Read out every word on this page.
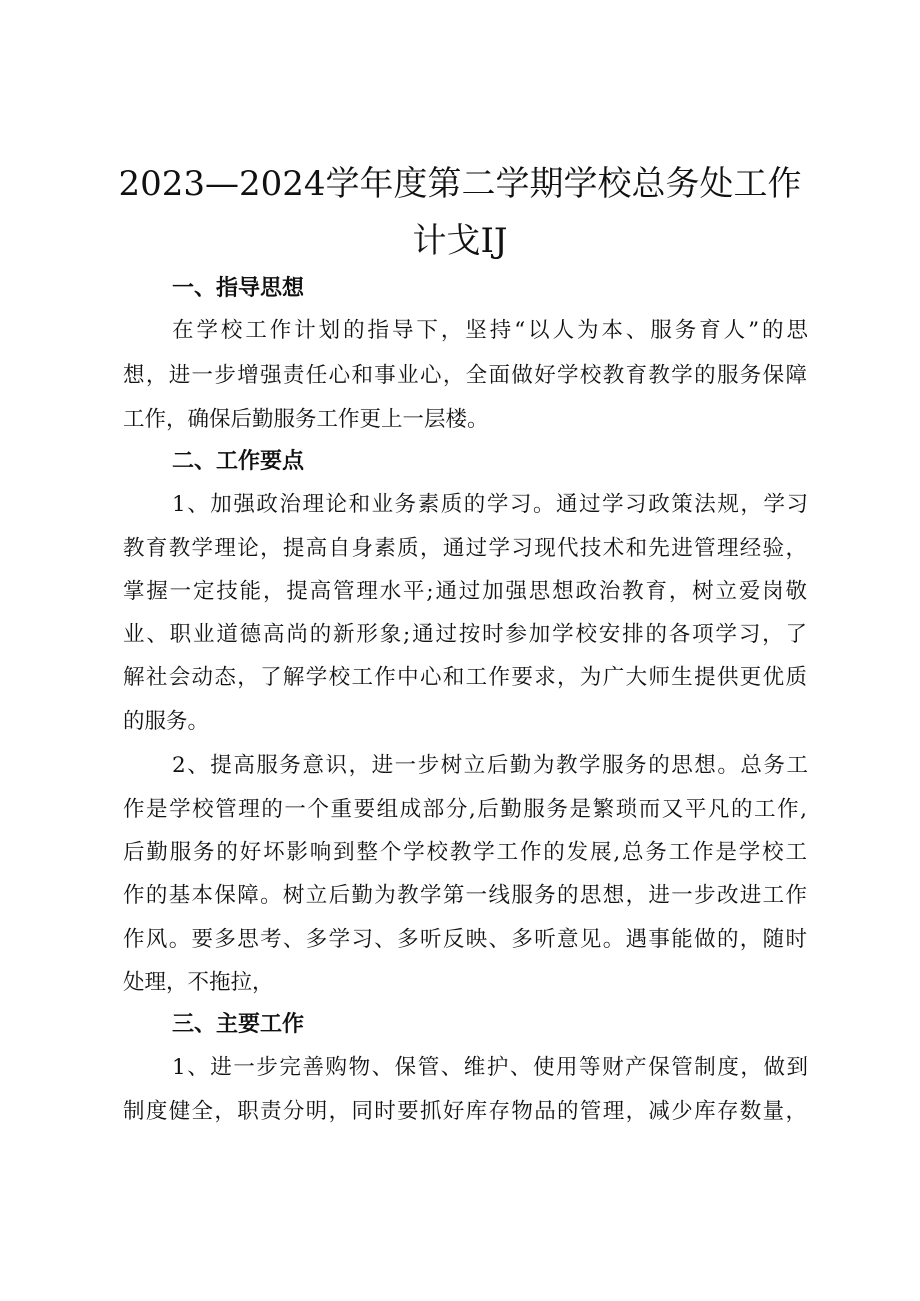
2023—2024学年度第二学期学校总务处工作
计戈IJ
一、指导思想
在学校工作计划的指导下，坚持“以人为本、服务育人”的思
想，进一步增强责任心和事业心，全面做好学校教育教学的服务保障
工作，确保后勤服务工作更上一层楼。
二、工作要点
1、加强政治理论和业务素质的学习。通过学习政策法规，学习
教育教学理论，提高自身素质，通过学习现代技术和先进管理经验，
掌握一定技能，提高管理水平;通过加强思想政治教育，树立爱岗敬
业、职业道德高尚的新形象;通过按时参加学校安排的各项学习，了
解社会动态，了解学校工作中心和工作要求，为广大师生提供更优质
的服务。
2、提高服务意识，进一步树立后勤为教学服务的思想。总务工
作是学校管理的一个重要组成部分,后勤服务是繁琐而又平凡的工作,
后勤服务的好坏影响到整个学校教学工作的发展,总务工作是学校工
作的基本保障。树立后勤为教学第一线服务的思想，进一步改进工作
作风。要多思考、多学习、多听反映、多听意见。遇事能做的，随时
处理，不拖拉，
三、主要工作
1、进一步完善购物、保管、维护、使用等财产保管制度，做到
制度健全，职责分明，同时要抓好库存物品的管理，减少库存数量，
